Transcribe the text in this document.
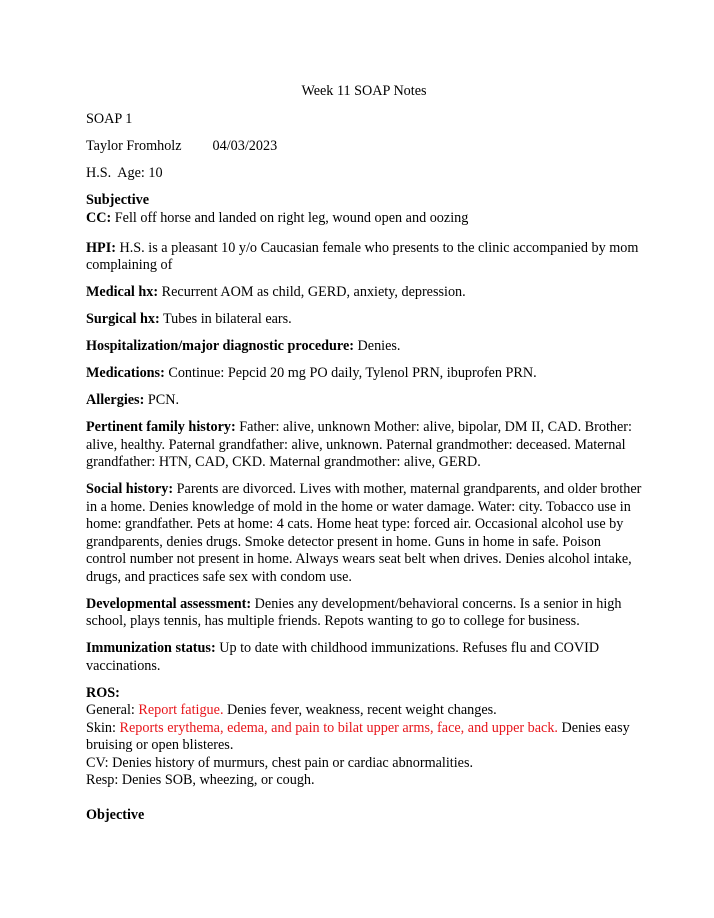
Week 11 SOAP Notes

SOAP 1

Taylor Fromholz 04/03/2023

H.S. Age: 10

Subjective

CC: Fell off horse and landed on right leg, wound open and oozing

HPI: H.S. is a pleasant 10 y/o Caucasian female who presents to the clinic accompanied by mom complaining of

Medical hx: Recurrent AOM as child, GERD, anxiety, depression.

Surgical hx: Tubes in bilateral ears.

Hospitalization/major diagnostic procedure: Denies.

Medications: Continue: Pepcid 20 mg PO daily, Tylenol PRN, ibuprofen PRN.

Allergies: PCN.

Pertinent family history: Father: alive, unknown Mother: alive, bipolar, DM II, CAD. Brother: alive, healthy. Paternal grandfather: alive, unknown. Paternal grandmother: deceased. Maternal grandfather: HTN, CAD, CKD. Maternal grandmother: alive, GERD.

Social history: Parents are divorced. Lives with mother, maternal grandparents, and older brother in a home. Denies knowledge of mold in the home or water damage. Water: city. Tobacco use in home: grandfather. Pets at home: 4 cats. Home heat type: forced air. Occasional alcohol use by grandparents, denies drugs. Smoke detector present in home. Guns in home in safe. Poison control number not present in home. Always wears seat belt when drives. Denies alcohol intake, drugs, and practices safe sex with condom use.

Developmental assessment: Denies any development/behavioral concerns. Is a senior in high school, plays tennis, has multiple friends. Repots wanting to go to college for business.

Immunization status: Up to date with childhood immunizations. Refuses flu and COVID vaccinations.

ROS:

General: Report fatigue. Denies fever, weakness, recent weight changes.

Skin: Reports erythema, edema, and pain to bilat upper arms, face, and upper back. Denies easy bruising or open blisteres.

CV: Denies history of murmurs, chest pain or cardiac abnormalities.

Resp: Denies SOB, wheezing, or cough.

Objective
